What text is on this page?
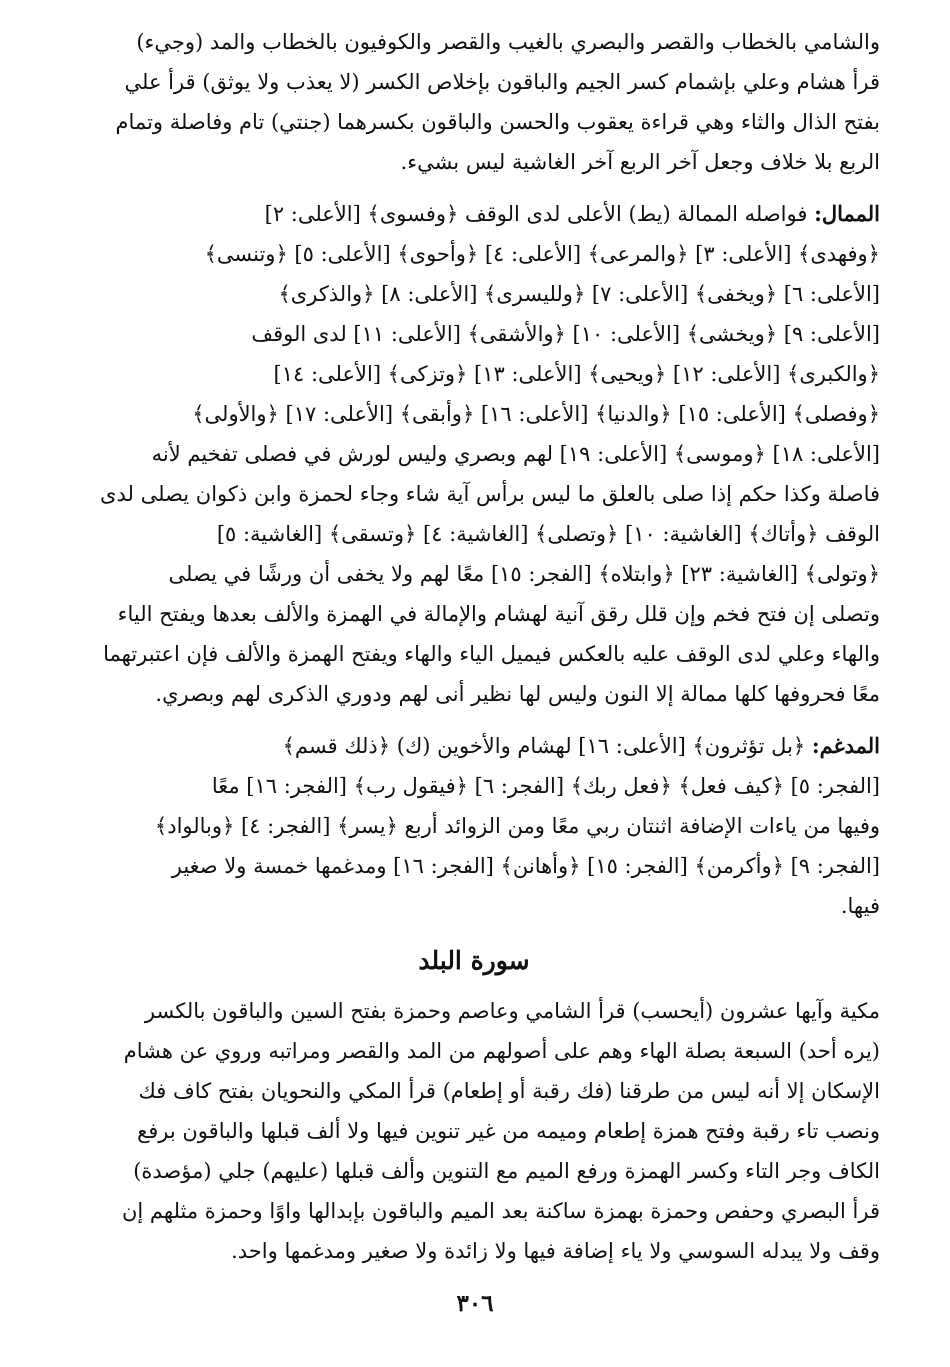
والشامي بالخطاب والقصر والبصري بالغيب والقصر والكوفيون بالخطاب والمد (وجيء)
قرأ هشام وعلي بإشمام كسر الجيم والباقون بإخلاص الكسر (لا يعذب ولا يوثق) قرأ علي
بفتح الذال والثاء وهي قراءة يعقوب والحسن والباقون بكسرهما (جنتي) تام وفاصلة وتمام
الربع بلا خلاف وجعل آخر الربع آخر الغاشية ليس بشيء.
الممال: فواصله الممالة (يط) الأعلى لدى الوقف ﴿وفسوى﴾ [الأعلى: ٢]
﴿وفهدى﴾ [الأعلى: ٣] ﴿والمرعى﴾ [الأعلى: ٤] ﴿وأحوى﴾ [الأعلى: ٥] ﴿وتنسى﴾
[الأعلى: ٦] ﴿ويخفى﴾ [الأعلى: ٧] ﴿ولليسرى﴾ [الأعلى: ٨] ﴿والذكرى﴾
[الأعلى: ٩] ﴿ويخشى﴾ [الأعلى: ١٠] ﴿والأشقى﴾ [الأعلى: ١١] لدى الوقف
﴿والكبرى﴾ [الأعلى: ١٢] ﴿ويحيى﴾ [الأعلى: ١٣] ﴿وتزكى﴾ [الأعلى: ١٤]
﴿وفصلى﴾ [الأعلى: ١٥] ﴿والدنيا﴾ [الأعلى: ١٦] ﴿وأبقى﴾ [الأعلى: ١٧] ﴿والأولى﴾
[الأعلى: ١٨] ﴿وموسى﴾ [الأعلى: ١٩] لهم وبصري وليس لورش في فصلى تفخيم لأنه
فاصلة وكذا حكم إذا صلى بالعلق ما ليس برأس آية شاء وجاء لحمزة وابن ذكوان يصلى لدى
الوقف ﴿وأتاك﴾ [الغاشية: ١٠] ﴿وتصلى﴾ [الغاشية: ٤] ﴿وتسقى﴾ [الغاشية: ٥]
﴿وتولى﴾ [الغاشية: ٢٣] ﴿وابتلاه﴾ [الفجر: ١٥] معًا لهم ولا يخفى أن ورشًا في يصلى
وتصلى إن فتح فخم وإن قلل رقق آنية لهشام والإمالة في الهمزة والألف بعدها ويفتح الياء
والهاء وعلي لدى الوقف عليه بالعكس فيميل الياء والهاء ويفتح الهمزة والألف فإن اعتبرتهما
معًا فحروفها كلها ممالة إلا النون وليس لها نظير أنى لهم ودوري الذكرى لهم وبصري.
المدغم: ﴿بل تؤثرون﴾ [الأعلى: ١٦] لهشام والأخوين (ك) ﴿ذلك قسم﴾
[الفجر: ٥] ﴿كيف فعل﴾ ﴿فعل ربك﴾ [الفجر: ٦] ﴿فيقول رب﴾ [الفجر: ١٦] معًا
وفيها من ياءات الإضافة اثنتان ربي معًا ومن الزوائد أربع ﴿يسر﴾ [الفجر: ٤] ﴿وبالواد﴾
[الفجر: ٩] ﴿وأكرمن﴾ [الفجر: ١٥] ﴿وأهانن﴾ [الفجر: ١٦] ومدغمها خمسة ولا صغير
فيها.
سورة البلد
مكية وآيها عشرون (أيحسب) قرأ الشامي وعاصم وحمزة بفتح السين والباقون بالكسر
(يره أحد) السبعة بصلة الهاء وهم على أصولهم من المد والقصر ومراتبه وروي عن هشام
الإسكان إلا أنه ليس من طرقنا (فك رقبة أو إطعام) قرأ المكي والنحويان بفتح كاف فك
ونصب تاء رقبة وفتح همزة إطعام وميمه من غير تنوين فيها ولا ألف قبلها والباقون برفع
الكاف وجر التاء وكسر الهمزة ورفع الميم مع التنوين وألف قبلها (عليهم) جلي (مؤصدة)
قرأ البصري وحفص وحمزة بهمزة ساكنة بعد الميم والباقون بإبدالها واوًا وحمزة مثلهم إن
وقف ولا يبدله السوسي ولا ياء إضافة فيها ولا زائدة ولا صغير ومدغمها واحد.
٣٠٦
